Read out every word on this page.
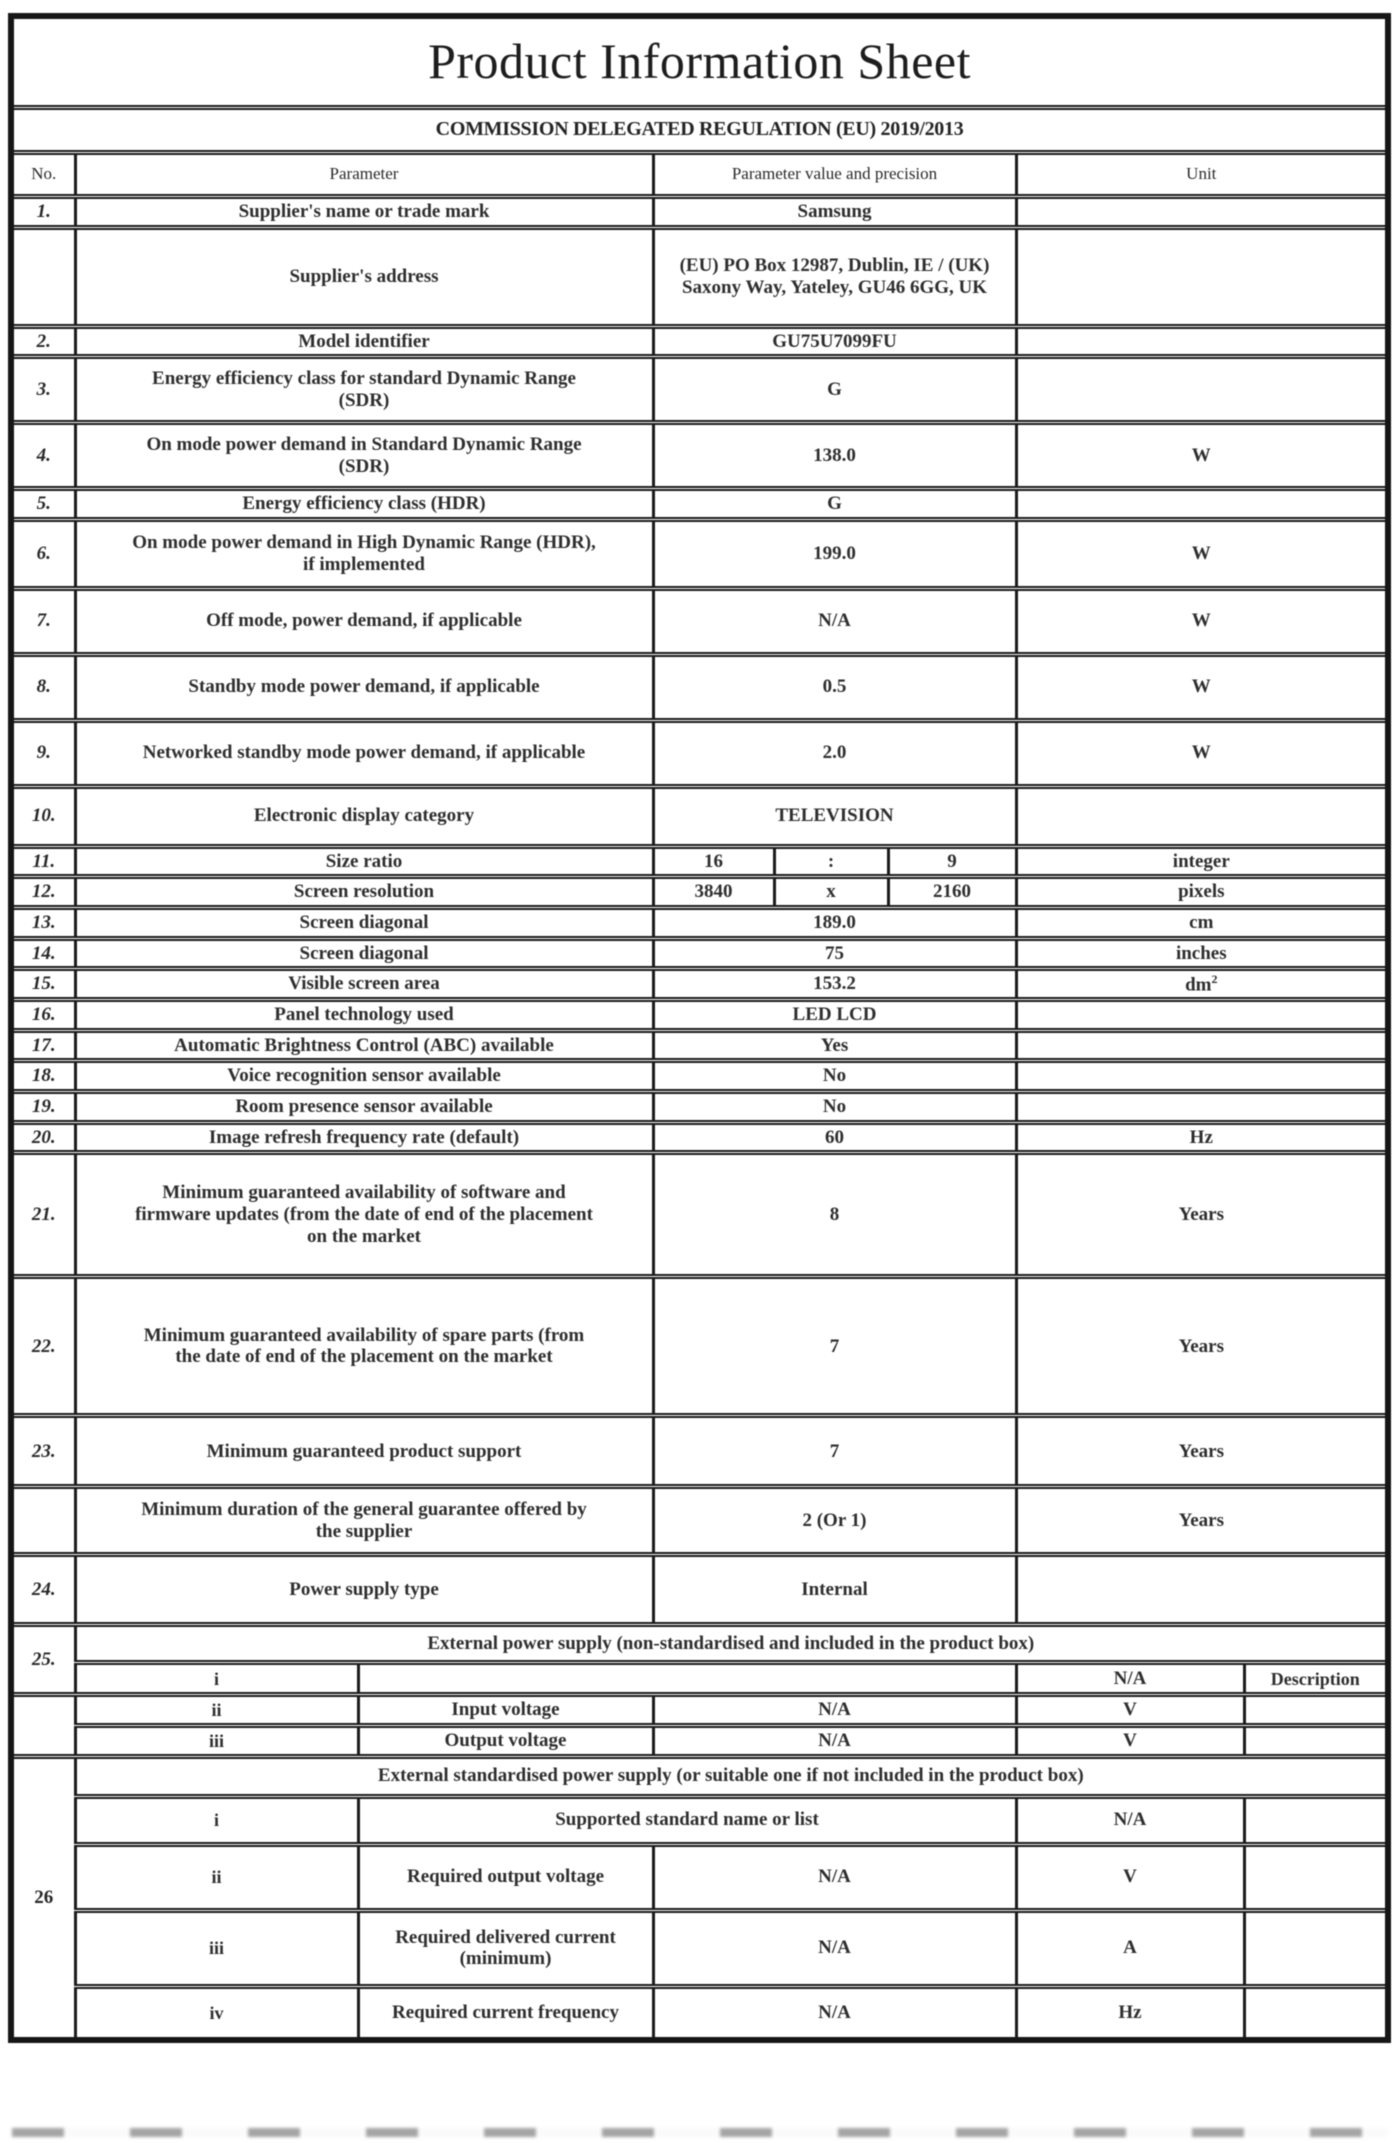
Product Information Sheet							
COMMISSION DELEGATED REGULATION (EU) 2019/2013							
No.	Parameter		Parameter value and precision			Unit	
1.	Supplier's name or trade mark		Samsung				
	Supplier's address		(EU) PO Box 12987, Dublin, IE / (UK) Saxony Way, Yateley, GU46 6GG, UK				
2.	Model identifier		GU75U7099FU				
3.	Energy efficiency class for standard Dynamic Range (SDR)		G				
4.	On mode power demand in Standard Dynamic Range (SDR)		138.0			W	
5.	Energy efficiency class (HDR)		G				
6.	On mode power demand in High Dynamic Range (HDR), if implemented		199.0			W	
7.	Off mode, power demand, if applicable		N/A			W	
8.	Standby mode power demand, if applicable		0.5			W	
9.	Networked standby mode power demand, if applicable		2.0			W	
10.	Electronic display category		TELEVISION				
11.	Size ratio		16	:	9	integer	
12.	Screen resolution		3840	x	2160	pixels	
13.	Screen diagonal		189.0			cm	
14.	Screen diagonal		75			inches	
15.	Visible screen area		153.2			$dm^2$
16.	Panel technology used		LED LCD				
17.	Automatic Brightness Control (ABC) available		Yes				
18.	Voice recognition sensor available		No				
19.	Room presence sensor available		No				
20.	Image refresh frequency rate (default)		60			Hz	
21.	Minimum guaranteed availability of software and firmware updates (from the date of end of the placement on the market		8			Years	
22.	Minimum guaranteed availability of spare parts (from the date of end of the placement on the market		7			Years	
23.	Minimum guaranteed product support		7			Years	
	Minimum duration of the general guarantee offered by the supplier		2 (Or 1)			Years	
24.	Power supply type		Internal				
25.	External power supply (non-standardised and included in the product box)						
	i					N/A	Description
	ii	Input voltage	N/A			V	
	iii	Output voltage	N/A			V	
26	External standardised power supply (or suitable one if not included in the product box)						
	i	Supported standard name or list				N/A	
	ii	Required output voltage	N/A			V	
	iii	Required delivered current (minimum)	N/A			A	
	iv	Required current frequency	N/A			Hz	
